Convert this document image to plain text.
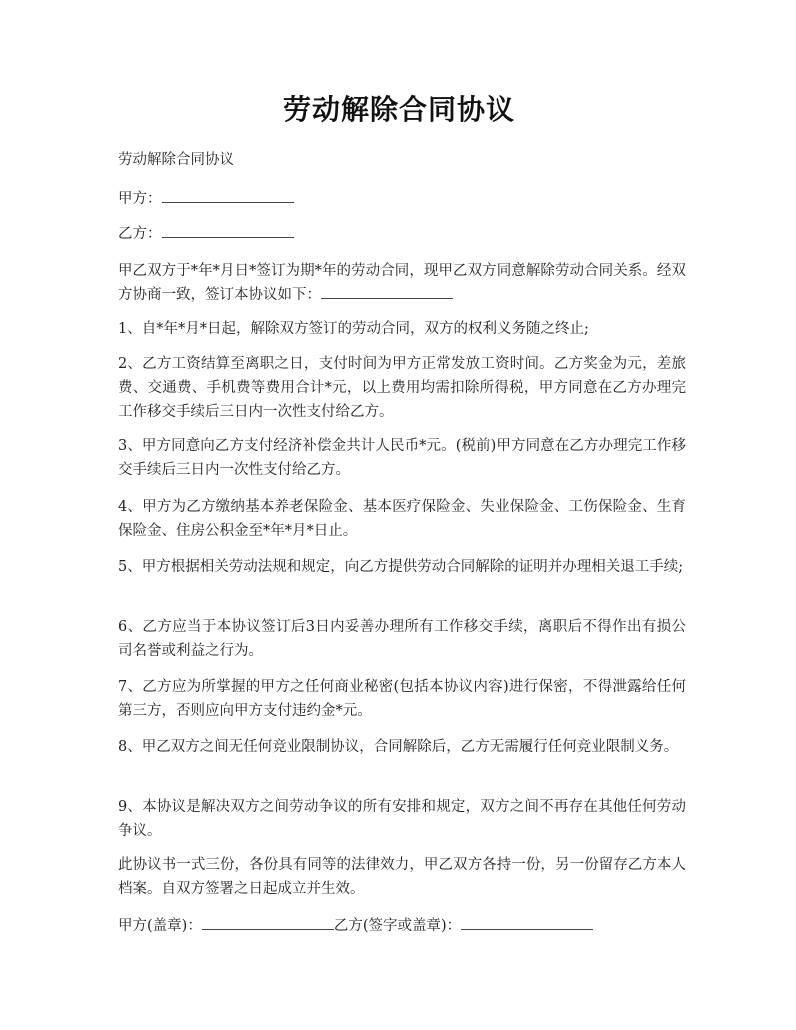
劳动解除合同协议

劳动解除合同协议

甲方：

乙方：

甲乙双方于*年*月日*签订为期*年的劳动合同，现甲乙双方同意解除劳动合同关系。经双方协商一致，签订本协议如下：

1、自*年*月*日起，解除双方签订的劳动合同，双方的权利义务随之终止;

2、乙方工资结算至离职之日，支付时间为甲方正常发放工资时间。乙方奖金为元，差旅费、交通费、手机费等费用合计*元，以上费用均需扣除所得税，甲方同意在乙方办理完工作移交手续后三日内一次性支付给乙方。

3、甲方同意向乙方支付经济补偿金共计人民币*元。(税前)甲方同意在乙方办理完工作移交手续后三日内一次性支付给乙方。

4、甲方为乙方缴纳基本养老保险金、基本医疗保险金、失业保险金、工伤保险金、生育保险金、住房公积金至*年*月*日止。

5、甲方根据相关劳动法规和规定，向乙方提供劳动合同解除的证明并办理相关退工手续;

6、乙方应当于本协议签订后3日内妥善办理所有工作移交手续，离职后不得作出有损公司名誉或利益之行为。

7、乙方应为所掌握的甲方之任何商业秘密(包括本协议内容)进行保密，不得泄露给任何第三方，否则应向甲方支付违约金*元。

8、甲乙双方之间无任何竞业限制协议，合同解除后，乙方无需履行任何竞业限制义务。

9、本协议是解决双方之间劳动争议的所有安排和规定，双方之间不再存在其他任何劳动争议。

此协议书一式三份，各份具有同等的法律效力，甲乙双方各持一份，另一份留存乙方本人档案。自双方签署之日起成立并生效。

甲方(盖章)：	乙方(签字或盖章)：
